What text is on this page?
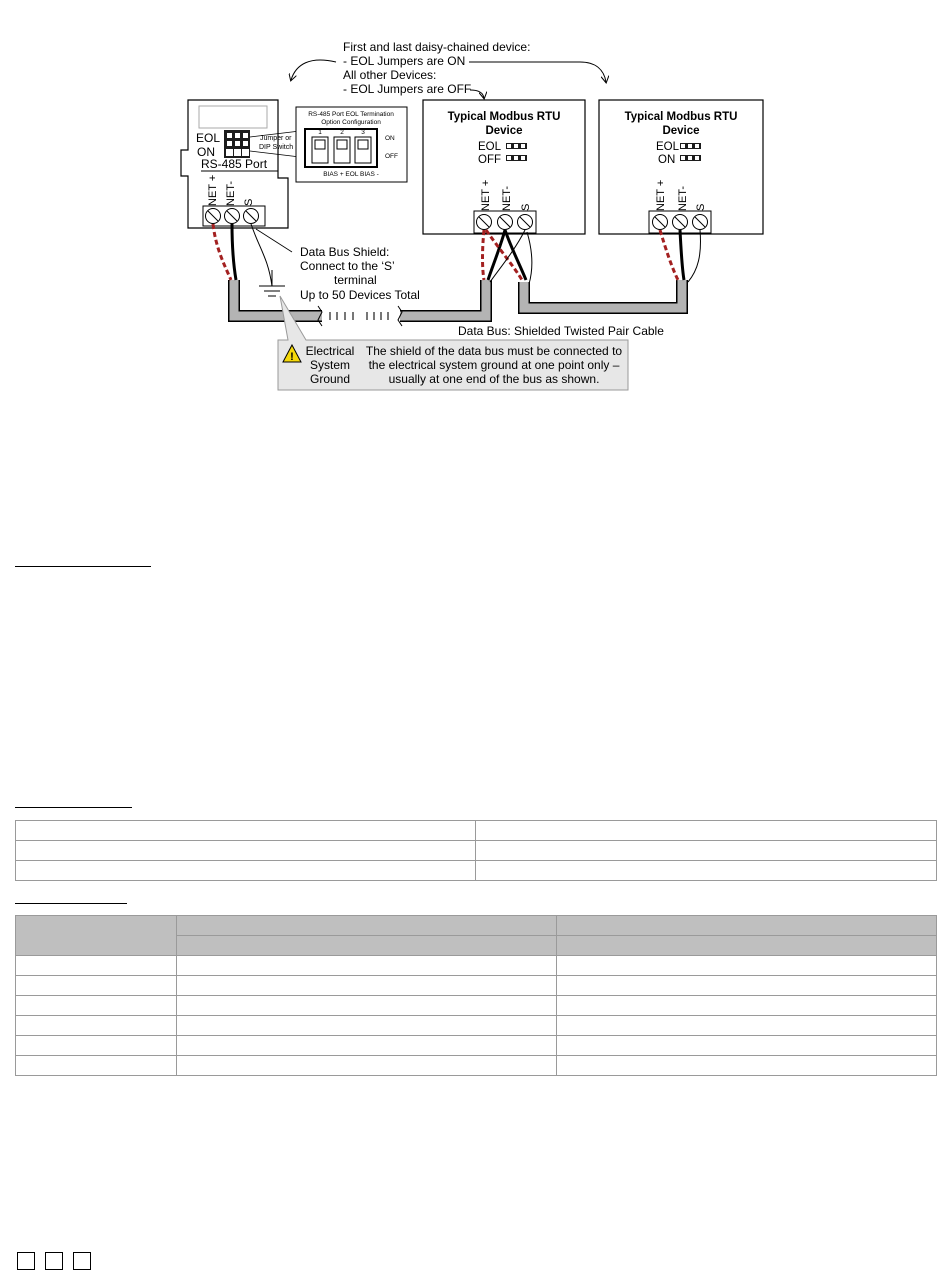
First and last daisy-chained device:
- EOL Jumpers are ON
All other Devices:
- EOL Jumpers are OFF
EOL
ON
RS-485 Port
NET + NET- S
RS-485 Port EOL Termination
Option Configuration
1	2	3
ON
OFF
BIAS + EOL BIAS -
Jumper or
DIP Switch
Typical Modbus RTU
Device
EOL
OFF
NET + NET- S
Typical Modbus RTU
Device
EOL
ON
NET + NET- S
Data Bus Shield:
Connect to the ‘S’
terminal
Up to 50 Devices Total
Data Bus: Shielded Twisted Pair Cable
! Electrical
System
Ground
The shield of the data bus must be connected to
the electrical system ground at one point only –
usually at one end of the bus as shown.
